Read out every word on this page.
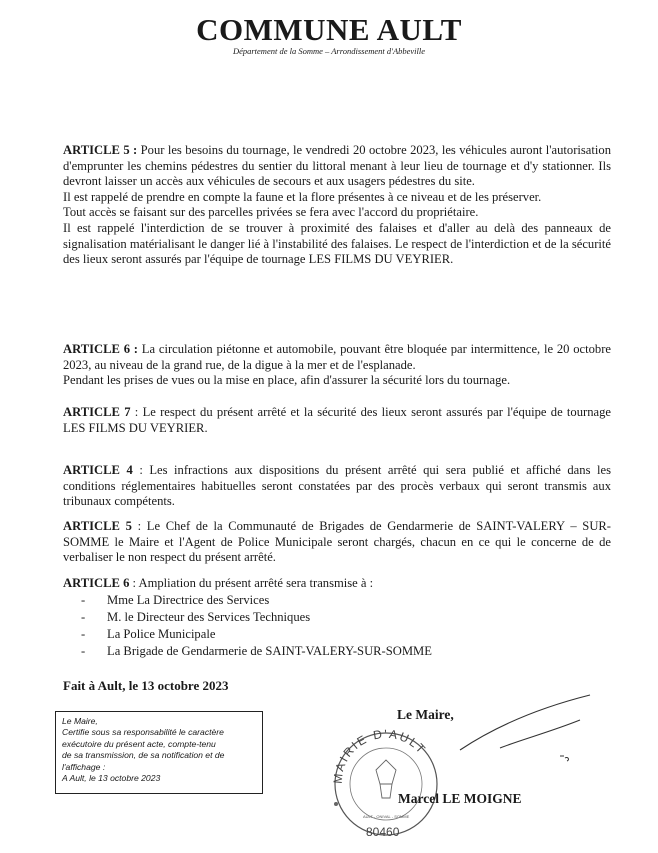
COMMUNE AULT
Département de la Somme – Arrondissement d'Abbeville

ARTICLE 5 : Pour les besoins du tournage, le vendredi 20 octobre 2023, les véhicules auront l'autorisation d'emprunter les chemins pédestres du sentier du littoral menant à leur lieu de tournage et d'y stationner. Ils devront laisser un accès aux véhicules de secours et aux usagers pédestres du site.

Il est rappelé de prendre en compte la faune et la flore présentes à ce niveau et de les préserver.

Tout accès se faisant sur des parcelles privées se fera avec l'accord du propriétaire.

Il est rappelé l'interdiction de se trouver à proximité des falaises et d'aller au delà des panneaux de signalisation matérialisant le danger lié à l'instabilité des falaises. Le respect de l'interdiction et de la sécurité des lieux seront assurés par l'équipe de tournage LES FILMS DU VEYRIER.

ARTICLE 6 : La circulation piétonne et automobile, pouvant être bloquée par intermittence, le 20 octobre 2023, au niveau de la grand rue, de la digue à la mer et de l'esplanade.

Pendant les prises de vues ou la mise en place, afin d'assurer la sécurité lors du tournage.

ARTICLE 7 : Le respect du présent arrêté et la sécurité des lieux seront assurés par l'équipe de tournage LES FILMS DU VEYRIER.

ARTICLE 4 : Les infractions aux dispositions du présent arrêté qui sera publié et affiché dans les conditions réglementaires habituelles seront constatées par des procès verbaux qui seront transmis aux tribunaux compétents.

ARTICLE 5 : Le Chef de la Communauté de Brigades de Gendarmerie de SAINT-VALERY – SUR-SOMME le Maire et l'Agent de Police Municipale seront chargés, chacun en ce qui le concerne de de verbaliser le non respect du présent arrêté.

ARTICLE 6 : Ampliation du présent arrêté sera transmise à :

- Mme La Directrice des Services
- M. le Directeur des Services Techniques
- La Police Municipale
- La Brigade de Gendarmerie de SAINT-VALERY-SUR-SOMME
Fait à Ault, le 13 octobre 2023
Le Maire,
Certifie sous sa responsabilité le caractère
exécutoire du présent acte, compte-tenu
de sa transmission, de sa notification et de
l'affichage :
A Ault, le 13 octobre 2023	MAIRIE D'AULT
80460
AULT - ONIVAL - SOMME
Le Maire,
Marcel LE MOIGNE
